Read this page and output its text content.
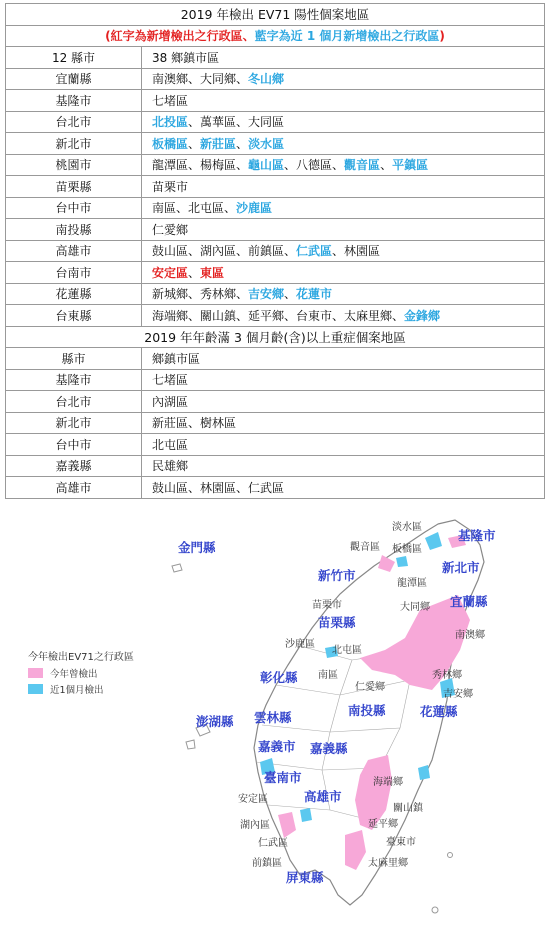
2019 年檢出 EV71 陽性個案地區	
(紅字為新增檢出之行政區、藍字為近 1 個月新增檢出之行政區)	
12 縣市	38 鄉鎮市區
宜蘭縣	南澳鄉、大同鄉、冬山鄉
基隆市	七堵區
台北市	北投區、萬華區、大同區
新北市	板橋區、新莊區、淡水區
桃園市	龍潭區、楊梅區、龜山區、八德區、觀音區、平鎮區
苗栗縣	苗栗市
台中市	南區、北屯區、沙鹿區
南投縣	仁愛鄉
高雄市	鼓山區、湖內區、前鎮區、仁武區、林園區
台南市	安定區、東區
花蓮縣	新城鄉、秀林鄉、吉安鄉、花蓮市
台東縣	海端鄉、關山鎮、延平鄉、台東市、太麻里鄉、金鋒鄉
2019 年年齡滿 3 個月齡(含)以上重症個案地區	
縣市	鄉鎮市區
基隆市	七堵區
台北市	內湖區
新北市	新莊區、樹林區
台中市	北屯區
嘉義縣	民雄鄉
高雄市	鼓山區、林園區、仁武區
今年檢出EV71之行政區
今年曾檢出
近1個月檢出
金門縣
基隆市
新北市
新竹市
宜蘭縣
苗栗縣
彰化縣
南投縣	花蓮縣
澎湖縣 雲林縣
嘉義市 嘉義縣
臺南市
高雄市
屏東縣
淡水區
觀音區 板橋區
龍潭區
大同鄉
苗栗市
南澳鄉
沙鹿區
北屯區
南區
仁愛鄉
秀林鄉
吉安鄉
海端鄉
關山鎮
安定區
湖內區
仁武區
延平鄉
臺東市
前鎮區	太麻里鄉
